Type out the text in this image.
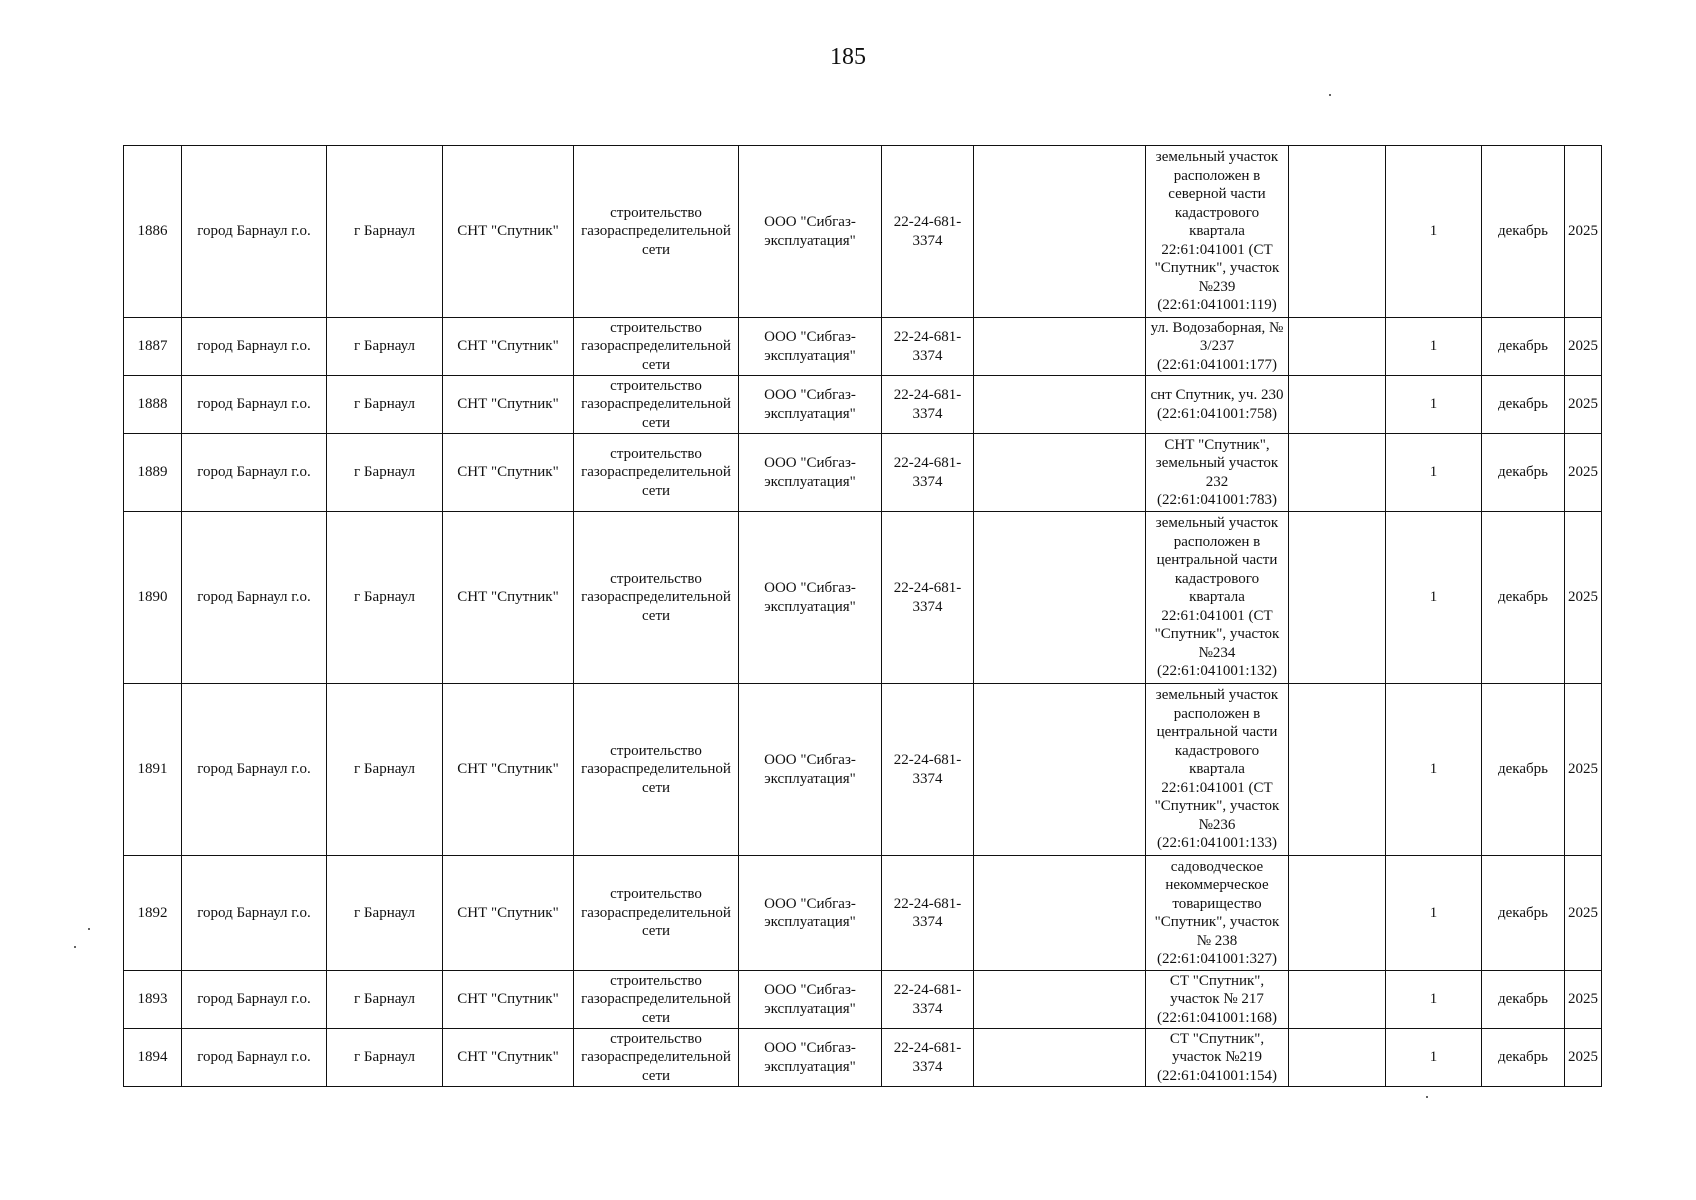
185
1886	город Барнаул г.о.	г Барнаул	СНТ "Спутник"	строительство газораспределительной сети	ООО "Сибгаз-эксплуатация"	22-24-681-3374		земельный участок расположен в северной части кадастрового квартала 22:61:041001 (СТ "Спутник", участок №239 (22:61:041001:119)		1	декабрь	2025
1887	город Барнаул г.о.	г Барнаул	СНТ "Спутник"	строительство газораспределительной сети	ООО "Сибгаз-эксплуатация"	22-24-681-3374		ул. Водозаборная, № 3/237 (22:61:041001:177)		1	декабрь	2025
1888	город Барнаул г.о.	г Барнаул	СНТ "Спутник"	строительство газораспределительной сети	ООО "Сибгаз-эксплуатация"	22-24-681-3374		снт Спутник, уч. 230 (22:61:041001:758)		1	декабрь	2025
1889	город Барнаул г.о.	г Барнаул	СНТ "Спутник"	строительство газораспределительной сети	ООО "Сибгаз-эксплуатация"	22-24-681-3374		СНТ "Спутник", земельный участок 232 (22:61:041001:783)		1	декабрь	2025
1890	город Барнаул г.о.	г Барнаул	СНТ "Спутник"	строительство газораспределительной сети	ООО "Сибгаз-эксплуатация"	22-24-681-3374		земельный участок расположен в центральной части кадастрового квартала 22:61:041001 (СТ "Спутник", участок №234 (22:61:041001:132)		1	декабрь	2025
1891	город Барнаул г.о.	г Барнаул	СНТ "Спутник"	строительство газораспределительной сети	ООО "Сибгаз-эксплуатация"	22-24-681-3374		земельный участок расположен в центральной части кадастрового квартала 22:61:041001 (СТ "Спутник", участок №236 (22:61:041001:133)		1	декабрь	2025
1892	город Барнаул г.о.	г Барнаул	СНТ "Спутник"	строительство газораспределительной сети	ООО "Сибгаз-эксплуатация"	22-24-681-3374		садоводческое некоммерческое товарищество "Спутник", участок № 238 (22:61:041001:327)		1	декабрь	2025
1893	город Барнаул г.о.	г Барнаул	СНТ "Спутник"	строительство газораспределительной сети	ООО "Сибгаз-эксплуатация"	22-24-681-3374		СТ "Спутник", участок № 217 (22:61:041001:168)		1	декабрь	2025
1894	город Барнаул г.о.	г Барнаул	СНТ "Спутник"	строительство газораспределительной сети	ООО "Сибгаз-эксплуатация"	22-24-681-3374		СТ "Спутник", участок №219 (22:61:041001:154)		1	декабрь	2025
